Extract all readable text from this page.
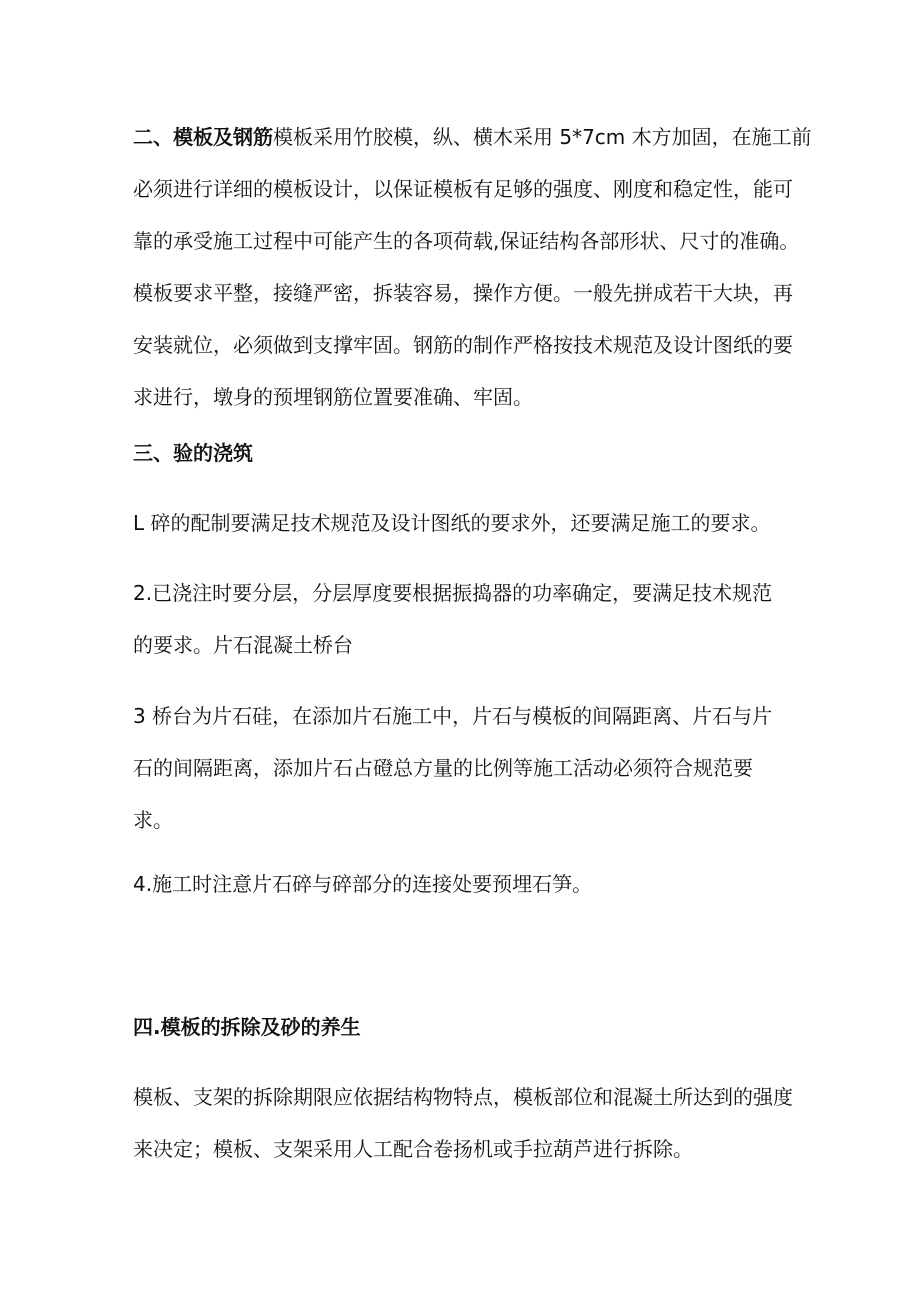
二、模板及钢筋模板采用竹胶模，纵、横木采用 5*7cm 木方加固，在施工前
必须进行详细的模板设计，以保证模板有足够的强度、刚度和稳定性，能可
靠的承受施工过程中可能产生的各项荷载,保证结构各部形状、尺寸的准确。
模板要求平整，接缝严密，拆装容易，操作方便。一般先拼成若干大块，再
安装就位，必须做到支撑牢固。钢筋的制作严格按技术规范及设计图纸的要
求进行，墩身的预埋钢筋位置要准确、牢固。
三、验的浇筑
L 碎的配制要满足技术规范及设计图纸的要求外，还要满足施工的要求。
2.已浇注时要分层，分层厚度要根据振捣器的功率确定，要满足技术规范
的要求。片石混凝土桥台
3 桥台为片石硅，在添加片石施工中，片石与模板的间隔距离、片石与片
石的间隔距离，添加片石占磴总方量的比例等施工活动必须符合规范要
求。
4.施工时注意片石碎与碎部分的连接处要预埋石笋。
四.模板的拆除及砂的养生
模板、支架的拆除期限应依据结构物特点，模板部位和混凝土所达到的强度
来决定；模板、支架采用人工配合卷扬机或手拉葫芦进行拆除。
